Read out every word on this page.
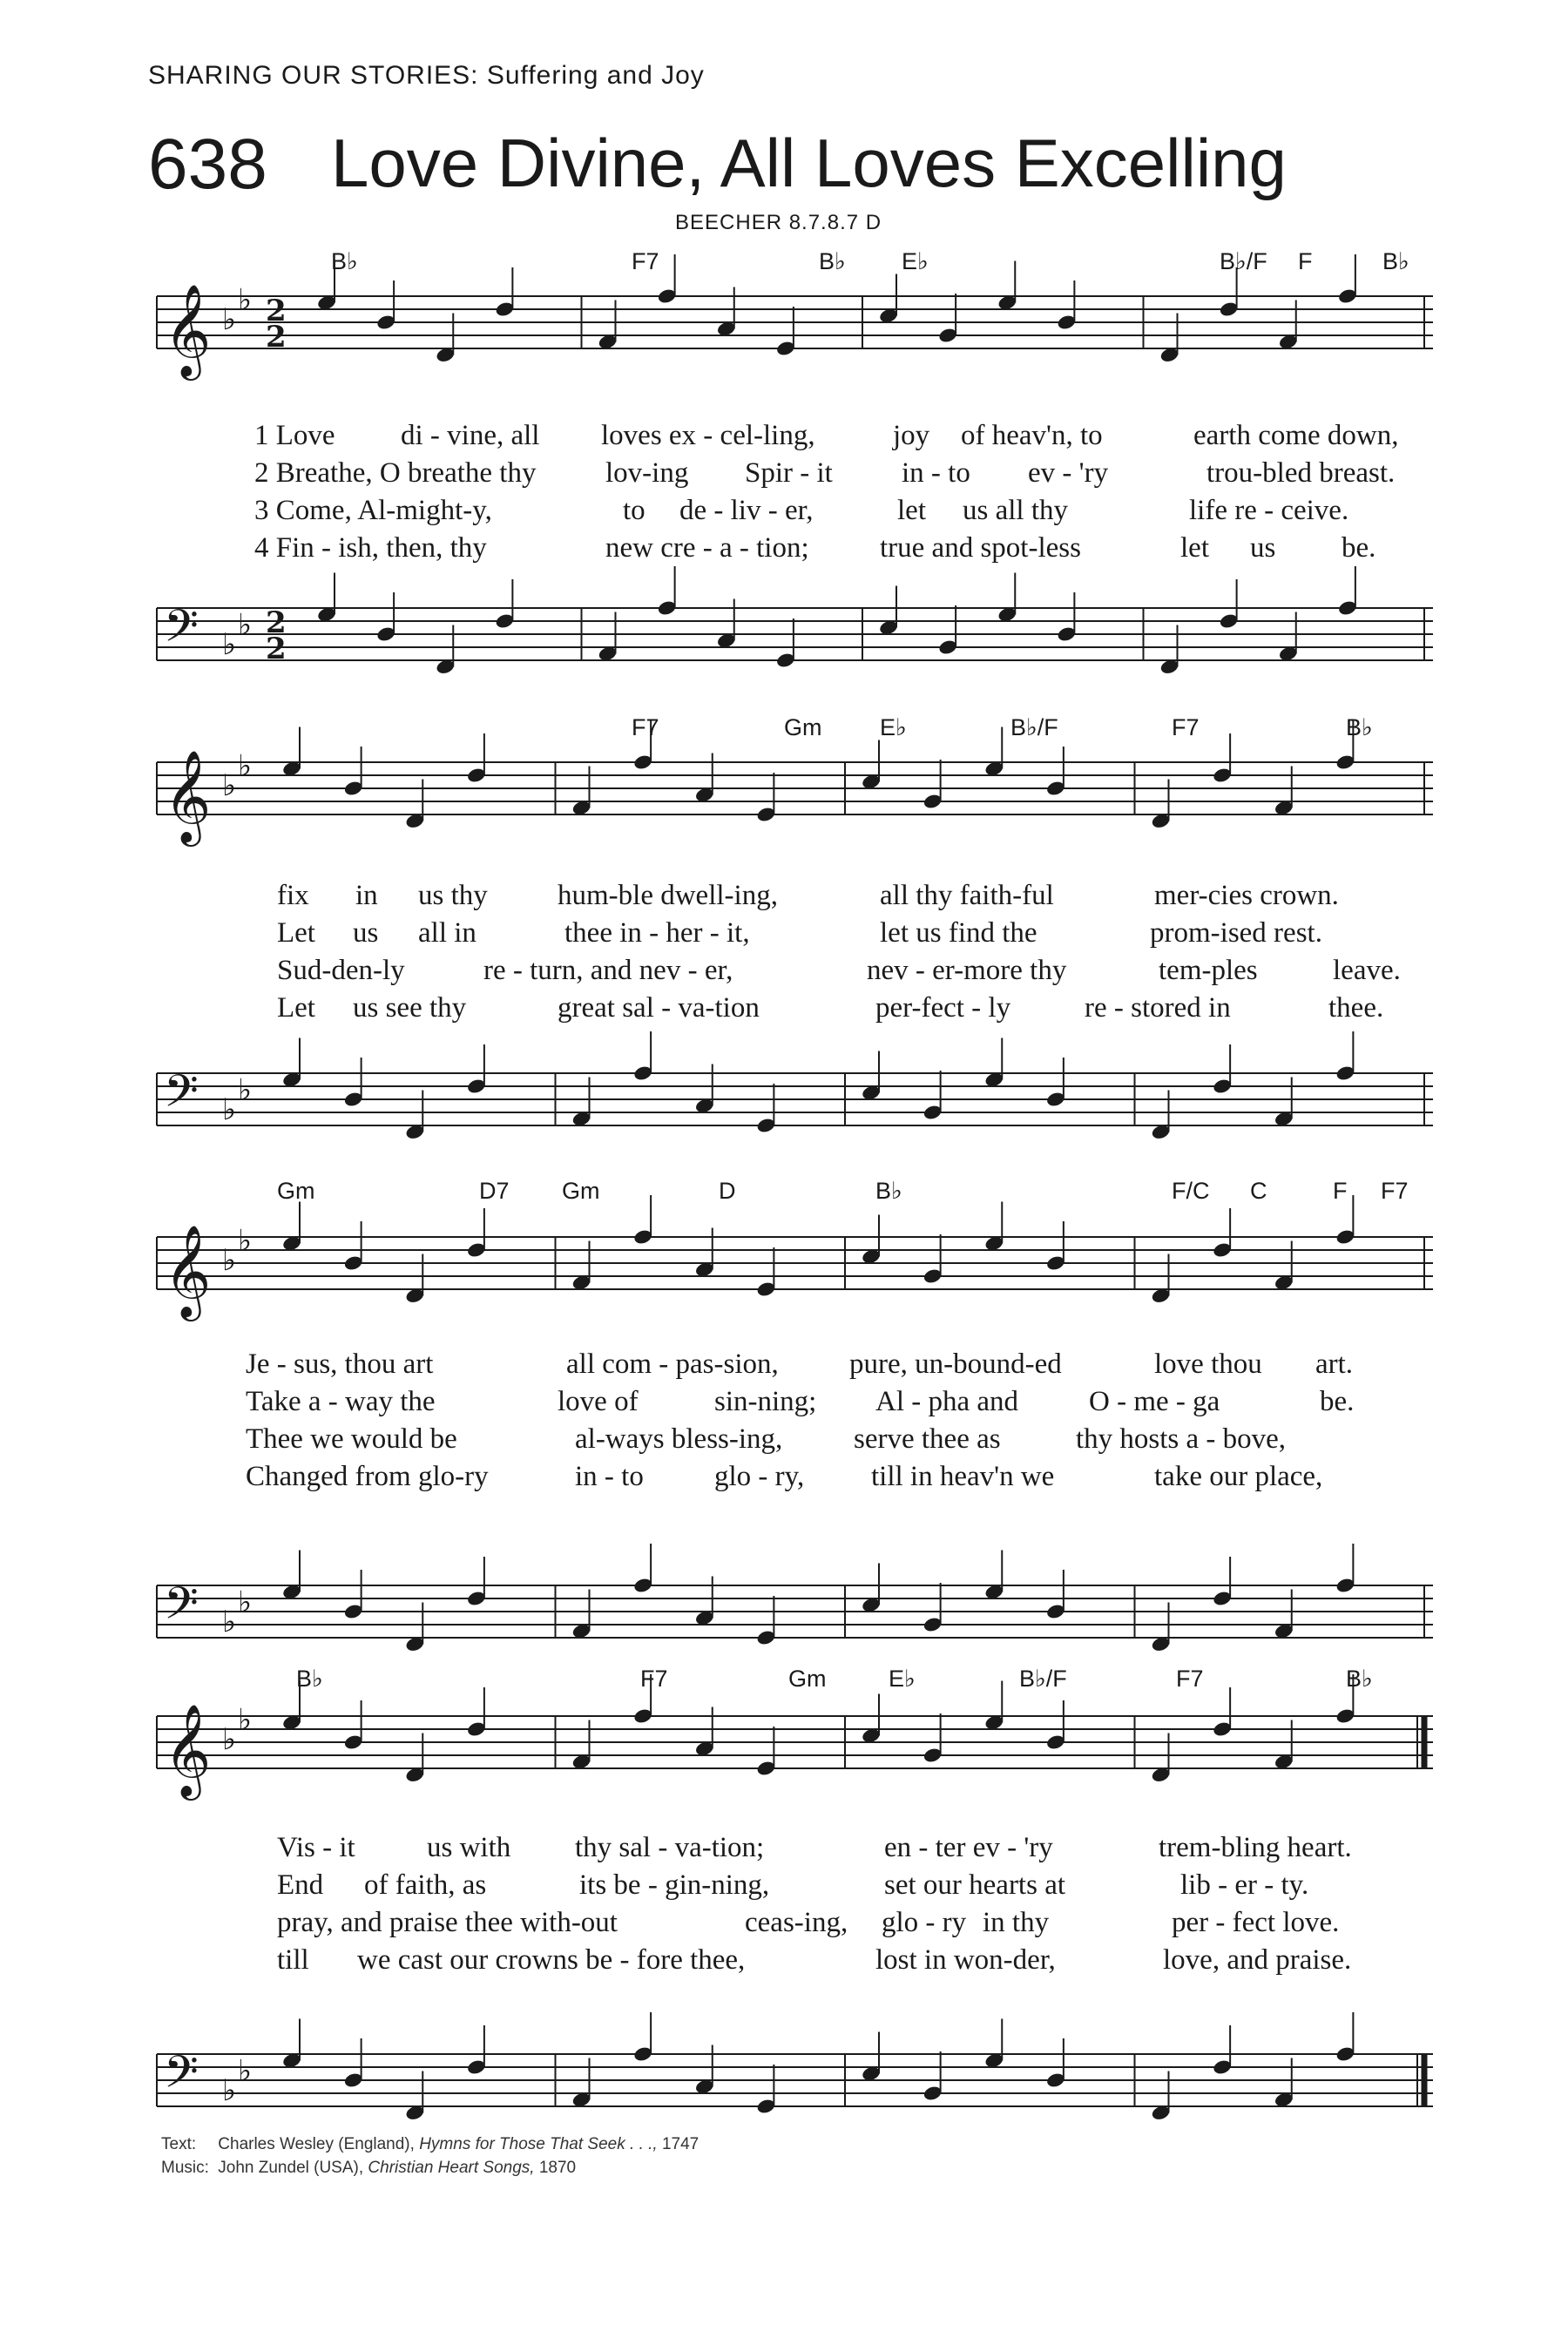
SHARING OUR STORIES: Suffering and Joy
638 Love Divine, All Loves Excelling
BEECHER 8.7.8.7 D
B♭	F7	B♭ E♭	B♭/F F	B♭
𝄞 ♭
♭ 2
2
1 Love di - vine, all loves ex - cel-ling,	joy of heav'n, to	earth come down,
2 Breathe, O breathe thy lov-ing Spir - it in - to ev - 'ry	trou-bled breast.
3 Come, Al-might-y,	to de - liv - er,	let us all thy	life re - ceive.
4 Fin - ish, then, thy	new cre - a - tion; true and spot-less	let us be.
𝄢 ♭
♭ 2
2
F7	Gm E♭	B♭/F	F7	B♭
𝄞 ♭
♭
fix in us thy hum-ble dwell-ing,	all thy faith-ful	mer-cies crown.
Let us all in	thee in - her - it,	let us find the	prom-ised rest.
Sud-den-ly	re - turn, and nev - er,	nev - er-more thy	tem-ples	leave.
Let us see thy	great sal - va-tion	per-fect - ly	re - stored in	thee.
𝄢 ♭
♭
Gm	D7 Gm	D	B♭	F/C C	F F7
𝄞 ♭
♭
Je - sus, thou art	all com - pas-sion, pure, un-bound-ed	love thou art.
Take a - way the	love of	sin-ning; Al - pha and O - me - ga	be.
Thee we would be	al-ways bless-ing, serve thee as	thy hosts a - bove,
Changed from glo-ry	in - to glo - ry, till in heav'n we	take our place,
𝄢 ♭
♭
B♭	F7	Gm	E♭	B♭/F	F7	B♭
𝄞 ♭
♭
Vis - it us with thy sal - va-tion;	en - ter ev - 'ry	trem-bling heart.
End of faith, as	its be - gin-ning,	set our hearts at	lib - er - ty.
pray, and praise thee with-out	ceas-ing, glo - ry in thy	per - fect love.
till we cast our crowns be - fore thee,	lost in won-der,	love, and praise.
𝄢 ♭
♭
Text: Charles Wesley (England), Hymns for Those That Seek . . ., 1747
Music: John Zundel (USA), Christian Heart Songs, 1870
